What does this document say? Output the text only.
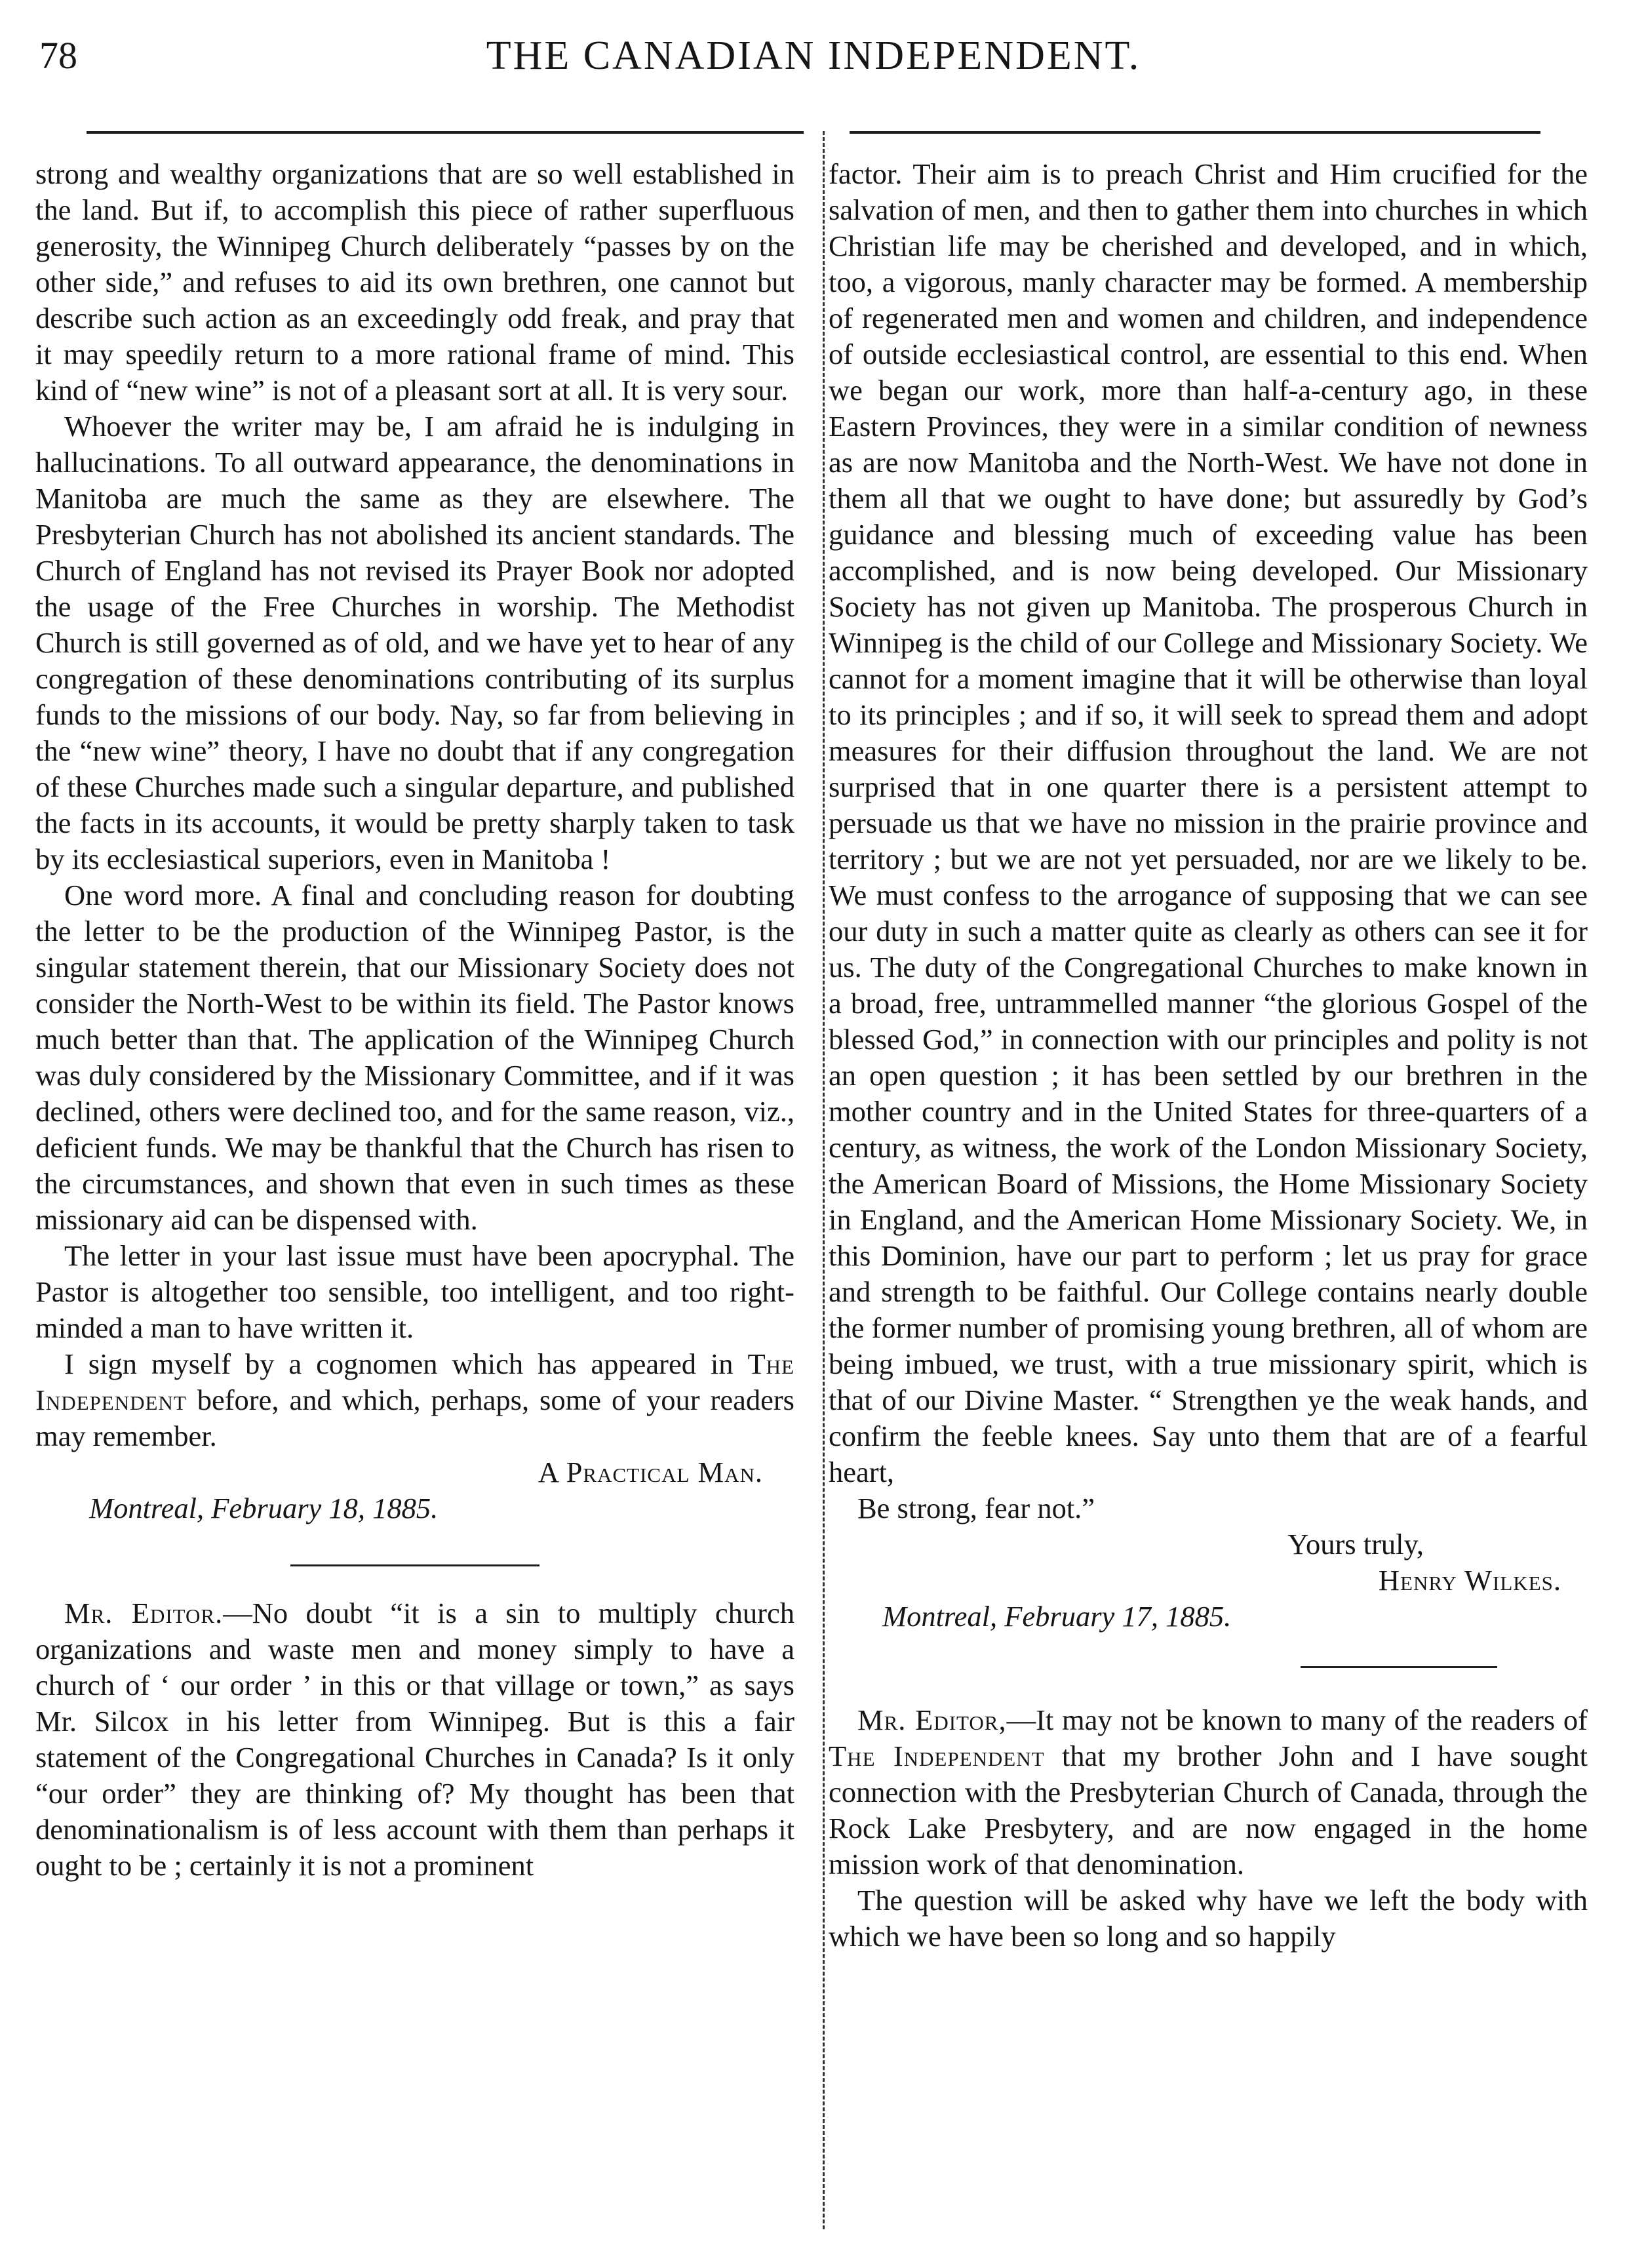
78	THE CANADIAN INDEPENDENT.

strong and wealthy organizations that are so well established in the land. But if, to accomplish this piece of rather superfluous generosity, the Winnipeg Church deliberately “passes by on the other side,” and refuses to aid its own brethren, one cannot but describe such action as an exceedingly odd freak, and pray that it may speedily return to a more rational frame of mind. This kind of “new wine” is not of a pleasant sort at all. It is very sour.

Whoever the writer may be, I am afraid he is indulging in hallucinations. To all outward appearance, the denominations in Manitoba are much the same as they are elsewhere. The Presbyterian Church has not abolished its ancient standards. The Church of England has not revised its Prayer Book nor adopted the usage of the Free Churches in worship. The Methodist Church is still governed as of old, and we have yet to hear of any congregation of these denominations contributing of its surplus funds to the missions of our body. Nay, so far from believing in the “new wine” theory, I have no doubt that if any congregation of these Churches made such a singular departure, and published the facts in its accounts, it would be pretty sharply taken to task by its ecclesiastical superiors, even in Manitoba !

One word more. A final and concluding reason for doubting the letter to be the production of the Winnipeg Pastor, is the singular statement therein, that our Missionary Society does not consider the North-West to be within its field. The Pastor knows much better than that. The application of the Winnipeg Church was duly considered by the Missionary Committee, and if it was declined, others were declined too, and for the same reason, viz., deficient funds. We may be thankful that the Church has risen to the circumstances, and shown that even in such times as these missionary aid can be dispensed with.

The letter in your last issue must have been apocryphal. The Pastor is altogether too sensible, too intelligent, and too right-minded a man to have written it.

I sign myself by a cognomen which has appeared in The Independent before, and which, perhaps, some of your readers may remember.

A Practical Man.

Montreal, February 18, 1885.

Mr. Editor.—No doubt “it is a sin to multiply church organizations and waste men and money simply to have a church of ‘ our order ’ in this or that village or town,” as says Mr. Silcox in his letter from Winnipeg. But is this a fair statement of the Congregational Churches in Canada? Is it only “our order” they are thinking of? My thought has been that denominationalism is of less account with them than perhaps it ought to be ; certainly it is not a prominent

factor. Their aim is to preach Christ and Him crucified for the salvation of men, and then to gather them into churches in which Christian life may be cherished and developed, and in which, too, a vigorous, manly character may be formed. A membership of regenerated men and women and children, and independence of outside ecclesiastical control, are essential to this end. When we began our work, more than half-a-century ago, in these Eastern Provinces, they were in a similar condition of newness as are now Manitoba and the North-West. We have not done in them all that we ought to have done; but assuredly by God’s guidance and blessing much of exceeding value has been accomplished, and is now being developed. Our Missionary Society has not given up Manitoba. The prosperous Church in Winnipeg is the child of our College and Missionary Society. We cannot for a moment imagine that it will be otherwise than loyal to its principles ; and if so, it will seek to spread them and adopt measures for their diffusion throughout the land. We are not surprised that in one quarter there is a persistent attempt to persuade us that we have no mission in the prairie province and territory ; but we are not yet persuaded, nor are we likely to be. We must confess to the arrogance of supposing that we can see our duty in such a matter quite as clearly as others can see it for us. The duty of the Congregational Churches to make known in a broad, free, untrammelled manner “the glorious Gospel of the blessed God,” in connection with our principles and polity is not an open question ; it has been settled by our brethren in the mother country and in the United States for three-quarters of a century, as witness, the work of the London Missionary Society, the American Board of Missions, the Home Missionary Society in England, and the American Home Missionary Society. We, in this Dominion, have our part to perform ; let us pray for grace and strength to be faithful. Our College contains nearly double the former number of promising young brethren, all of whom are being imbued, we trust, with a true missionary spirit, which is that of our Divine Master. “ Strengthen ye the weak hands, and confirm the feeble knees. Say unto them that are of a fearful heart,

Be strong, fear not.”

Yours truly,

Henry Wilkes.

Montreal, February 17, 1885.

Mr. Editor,—It may not be known to many of the readers of The Independent that my brother John and I have sought connection with the Presbyterian Church of Canada, through the Rock Lake Presbytery, and are now engaged in the home mission work of that denomination.

The question will be asked why have we left the body with which we have been so long and so happily
